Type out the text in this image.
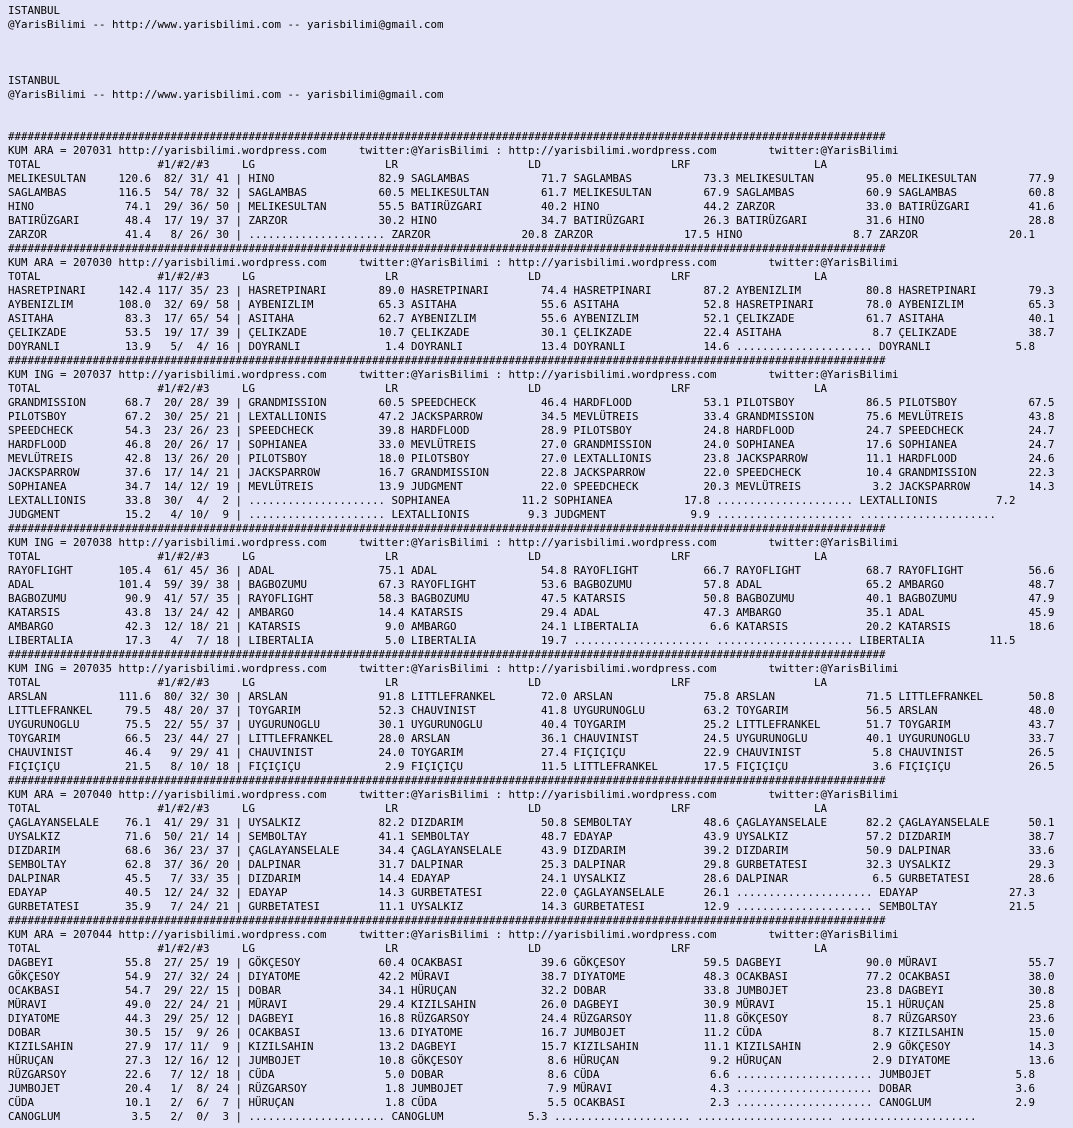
ISTANBUL
@YarisBilimi -- http://www.yarisbilimi.com -- yarisbilimi@gmail.com

ISTANBUL
@YarisBilimi -- http://www.yarisbilimi.com -- yarisbilimi@gmail.com

#######################################################################################################################################
KUM ARA = 207031 http://yarisbilimi.wordpress.com     twitter:@YarisBilimi : http://yarisbilimi.wordpress.com        twitter:@YarisBilimi
TOTAL                  #1/#2/#3     LG                    LR                    LD                    LRF                   LA
MELIKESULTAN     120.6  82/ 31/ 41 | HINO                82.9 SAGLAMBAS           71.7 SAGLAMBAS           73.3 MELIKESULTAN        95.0 MELIKESULTAN        77.9
SAGLAMBAS        116.5  54/ 78/ 32 | SAGLAMBAS           60.5 MELIKESULTAN        61.7 MELIKESULTAN        67.9 SAGLAMBAS           60.9 SAGLAMBAS           60.8
HINO              74.1  29/ 36/ 50 | MELIKESULTAN        55.5 BATIRÜZGARI         40.2 HINO                44.2 ZARZOR              33.0 BATIRÜZGARI         41.6
BATIRÜZGARI       48.4  17/ 19/ 37 | ZARZOR              30.2 HINO                34.7 BATIRÜZGARI         26.3 BATIRÜZGARI         31.6 HINO                28.8
ZARZOR            41.4   8/ 26/ 30 | ..................... ZARZOR              20.8 ZARZOR              17.5 HINO                 8.7 ZARZOR              20.1
#######################################################################################################################################
KUM ARA = 207030 http://yarisbilimi.wordpress.com     twitter:@YarisBilimi : http://yarisbilimi.wordpress.com        twitter:@YarisBilimi
TOTAL                  #1/#2/#3     LG                    LR                    LD                    LRF                   LA
HASRETPINARI     142.4 117/ 35/ 23 | HASRETPINARI        89.0 HASRETPINARI        74.4 HASRETPINARI        87.2 AYBENIZLIM          80.8 HASRETPINARI        79.3
AYBENIZLIM       108.0  32/ 69/ 58 | AYBENIZLIM          65.3 ASITAHA             55.6 ASITAHA             52.8 HASRETPINARI        78.0 AYBENIZLIM          65.3
ASITAHA           83.3  17/ 65/ 54 | ASITAHA             62.7 AYBENIZLIM          55.6 AYBENIZLIM          52.1 ÇELIKZADE           61.7 ASITAHA             40.1
ÇELIKZADE         53.5  19/ 17/ 39 | ÇELIKZADE           10.7 ÇELIKZADE           30.1 ÇELIKZADE           22.4 ASITAHA              8.7 ÇELIKZADE           38.7
DOYRANLI          13.9   5/  4/ 16 | DOYRANLI             1.4 DOYRANLI            13.4 DOYRANLI            14.6 ..................... DOYRANLI             5.8
#######################################################################################################################################
KUM ING = 207037 http://yarisbilimi.wordpress.com     twitter:@YarisBilimi : http://yarisbilimi.wordpress.com        twitter:@YarisBilimi
TOTAL                  #1/#2/#3     LG                    LR                    LD                    LRF                   LA
GRANDMISSION      68.7  20/ 28/ 39 | GRANDMISSION        60.5 SPEEDCHECK          46.4 HARDFLOOD           53.1 PILOTSBOY           86.5 PILOTSBOY           67.5
PILOTSBOY         67.2  30/ 25/ 21 | LEXTALLIONIS        47.2 JACKSPARROW         34.5 MEVLÜTREIS          33.4 GRANDMISSION        75.6 MEVLÜTREIS          43.8
SPEEDCHECK        54.3  23/ 26/ 23 | SPEEDCHECK          39.8 HARDFLOOD           28.9 PILOTSBOY           24.8 HARDFLOOD           24.7 SPEEDCHECK          24.7
HARDFLOOD         46.8  20/ 26/ 17 | SOPHIANEA           33.0 MEVLÜTREIS          27.0 GRANDMISSION        24.0 SOPHIANEA           17.6 SOPHIANEA           24.7
MEVLÜTREIS        42.8  13/ 26/ 20 | PILOTSBOY           18.0 PILOTSBOY           27.0 LEXTALLIONIS        23.8 JACKSPARROW         11.1 HARDFLOOD           24.6
JACKSPARROW       37.6  17/ 14/ 21 | JACKSPARROW         16.7 GRANDMISSION        22.8 JACKSPARROW         22.0 SPEEDCHECK          10.4 GRANDMISSION        22.3
SOPHIANEA         34.7  14/ 12/ 19 | MEVLÜTREIS          13.9 JUDGMENT            22.0 SPEEDCHECK          20.3 MEVLÜTREIS           3.2 JACKSPARROW         14.3
LEXTALLIONIS      33.8  30/  4/  2 | ..................... SOPHIANEA           11.2 SOPHIANEA           17.8 ..................... LEXTALLIONIS         7.2
JUDGMENT          15.2   4/ 10/  9 | ..................... LEXTALLIONIS         9.3 JUDGMENT             9.9 ..................... .....................
#######################################################################################################################################
KUM ING = 207038 http://yarisbilimi.wordpress.com     twitter:@YarisBilimi : http://yarisbilimi.wordpress.com        twitter:@YarisBilimi
TOTAL                  #1/#2/#3     LG                    LR                    LD                    LRF                   LA
RAYOFLIGHT       105.4  61/ 45/ 36 | ADAL                75.1 ADAL                54.8 RAYOFLIGHT          66.7 RAYOFLIGHT          68.7 RAYOFLIGHT          56.6
ADAL             101.4  59/ 39/ 38 | BAGBOZUMU           67.3 RAYOFLIGHT          53.6 BAGBOZUMU           57.8 ADAL                65.2 AMBARGO             48.7
BAGBOZUMU         90.9  41/ 57/ 35 | RAYOFLIGHT          58.3 BAGBOZUMU           47.5 KATARSIS            50.8 BAGBOZUMU           40.1 BAGBOZUMU           47.9
KATARSIS          43.8  13/ 24/ 42 | AMBARGO             14.4 KATARSIS            29.4 ADAL                47.3 AMBARGO             35.1 ADAL                45.9
AMBARGO           42.3  12/ 18/ 21 | KATARSIS             9.0 AMBARGO             24.1 LIBERTALIA           6.6 KATARSIS            20.2 KATARSIS            18.6
LIBERTALIA        17.3   4/  7/ 18 | LIBERTALIA           5.0 LIBERTALIA          19.7 ..................... ..................... LIBERTALIA          11.5
#######################################################################################################################################
KUM ING = 207035 http://yarisbilimi.wordpress.com     twitter:@YarisBilimi : http://yarisbilimi.wordpress.com        twitter:@YarisBilimi
TOTAL                  #1/#2/#3     LG                    LR                    LD                    LRF                   LA
ARSLAN           111.6  80/ 32/ 30 | ARSLAN              91.8 LITTLEFRANKEL       72.0 ARSLAN              75.8 ARSLAN              71.5 LITTLEFRANKEL       50.8
LITTLEFRANKEL     79.5  48/ 20/ 37 | TOYGARIM            52.3 CHAUVINIST          41.8 UYGURUNOGLU         63.2 TOYGARIM            56.5 ARSLAN              48.0
UYGURUNOGLU       75.5  22/ 55/ 37 | UYGURUNOGLU         30.1 UYGURUNOGLU         40.4 TOYGARIM            25.2 LITTLEFRANKEL       51.7 TOYGARIM            43.7
TOYGARIM          66.5  23/ 44/ 27 | LITTLEFRANKEL       28.0 ARSLAN              36.1 CHAUVINIST          24.5 UYGURUNOGLU         40.1 UYGURUNOGLU         33.7
CHAUVINIST        46.4   9/ 29/ 41 | CHAUVINIST          24.0 TOYGARIM            27.4 FIÇIÇIÇU            22.9 CHAUVINIST           5.8 CHAUVINIST          26.5
FIÇIÇIÇU          21.5   8/ 10/ 18 | FIÇIÇIÇU             2.9 FIÇIÇIÇU            11.5 LITTLEFRANKEL       17.5 FIÇIÇIÇU             3.6 FIÇIÇIÇU            26.5
#######################################################################################################################################
KUM ARA = 207040 http://yarisbilimi.wordpress.com     twitter:@YarisBilimi : http://yarisbilimi.wordpress.com        twitter:@YarisBilimi
TOTAL                  #1/#2/#3     LG                    LR                    LD                    LRF                   LA
ÇAGLAYANSELALE    76.1  41/ 29/ 31 | UYSALKIZ            82.2 DIZDARIM            50.8 SEMBOLTAY           48.6 ÇAGLAYANSELALE      82.2 ÇAGLAYANSELALE      50.1
UYSALKIZ          71.6  50/ 21/ 14 | SEMBOLTAY           41.1 SEMBOLTAY           48.7 EDAYAP              43.9 UYSALKIZ            57.2 DIZDARIM            38.7
DIZDARIM          68.6  36/ 23/ 37 | ÇAGLAYANSELALE      34.4 ÇAGLAYANSELALE      43.9 DIZDARIM            39.2 DIZDARIM            50.9 DALPINAR            33.6
SEMBOLTAY         62.8  37/ 36/ 20 | DALPINAR            31.7 DALPINAR            25.3 DALPINAR            29.8 GURBETATESI         32.3 UYSALKIZ            29.3
DALPINAR          45.5   7/ 33/ 35 | DIZDARIM            14.4 EDAYAP              24.1 UYSALKIZ            28.6 DALPINAR             6.5 GURBETATESI         28.6
EDAYAP            40.5  12/ 24/ 32 | EDAYAP              14.3 GURBETATESI         22.0 ÇAGLAYANSELALE      26.1 ..................... EDAYAP              27.3
GURBETATESI       35.9   7/ 24/ 21 | GURBETATESI         11.1 UYSALKIZ            14.3 GURBETATESI         12.9 ..................... SEMBOLTAY           21.5
#######################################################################################################################################
KUM ARA = 207044 http://yarisbilimi.wordpress.com     twitter:@YarisBilimi : http://yarisbilimi.wordpress.com        twitter:@YarisBilimi
TOTAL                  #1/#2/#3     LG                    LR                    LD                    LRF                   LA
DAGBEYI           55.8  27/ 25/ 19 | GÖKÇESOY            60.4 OCAKBASI            39.6 GÖKÇESOY            59.5 DAGBEYI             90.0 MÜRAVI              55.7
GÖKÇESOY          54.9  27/ 32/ 24 | DIYATOME            42.2 MÜRAVI              38.7 DIYATOME            48.3 OCAKBASI            77.2 OCAKBASI            38.0
OCAKBASI          54.7  29/ 22/ 15 | DOBAR               34.1 HÜRUÇAN             32.2 DOBAR               33.8 JUMBOJET            23.8 DAGBEYI             30.8
MÜRAVI            49.0  22/ 24/ 21 | MÜRAVI              29.4 KIZILSAHIN          26.0 DAGBEYI             30.9 MÜRAVI              15.1 HÜRUÇAN             25.8
DIYATOME          44.3  29/ 25/ 12 | DAGBEYI             16.8 RÜZGARSOY           24.4 RÜZGARSOY           11.8 GÖKÇESOY             8.7 RÜZGARSOY           23.6
DOBAR             30.5  15/  9/ 26 | OCAKBASI            13.6 DIYATOME            16.7 JUMBOJET            11.2 CÜDA                 8.7 KIZILSAHIN          15.0
KIZILSAHIN        27.9  17/ 11/  9 | KIZILSAHIN          13.2 DAGBEYI             15.7 KIZILSAHIN          11.1 KIZILSAHIN           2.9 GÖKÇESOY            14.3
HÜRUÇAN           27.3  12/ 16/ 12 | JUMBOJET            10.8 GÖKÇESOY             8.6 HÜRUÇAN              9.2 HÜRUÇAN              2.9 DIYATOME            13.6
RÜZGARSOY         22.6   7/ 12/ 18 | CÜDA                 5.0 DOBAR                8.6 CÜDA                 6.6 ..................... JUMBOJET             5.8
JUMBOJET          20.4   1/  8/ 24 | RÜZGARSOY            1.8 JUMBOJET             7.9 MÜRAVI               4.3 ..................... DOBAR                3.6
CÜDA              10.1   2/  6/  7 | HÜRUÇAN              1.8 CÜDA                 5.5 OCAKBASI             2.3 ..................... CANOGLUM             2.9
CANOGLUM           3.5   2/  0/  3 | ..................... CANOGLUM             5.3 ..................... ..................... .....................
